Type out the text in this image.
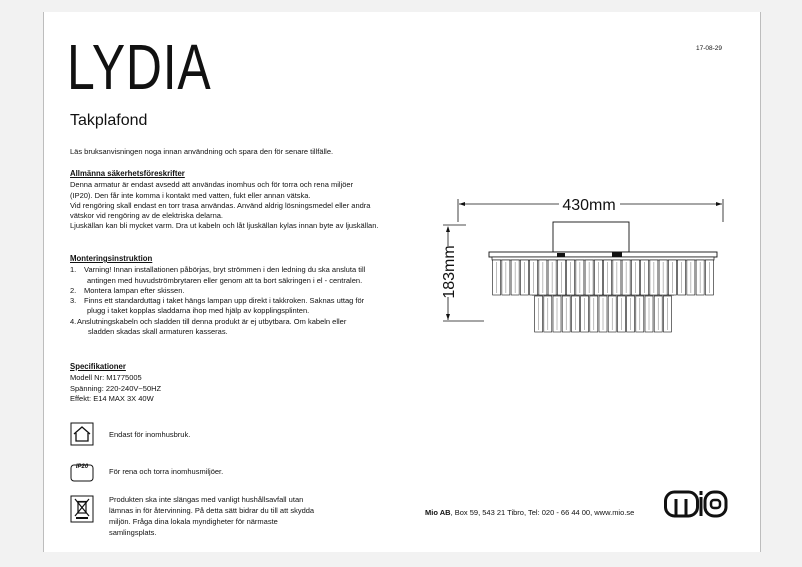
17-08-29
LYDIA
Takplafond
Läs bruksanvisningen noga innan användning och spara den för senare tillfälle.
Allmänna säkerhetsföreskrifter

Denna armatur är endast avsedd att användas inomhus och för torra och rena miljöer

(IP20). Den får inte komma i kontakt med vatten, fukt eller annan vätska.

Vid rengöring skall endast en torr trasa användas. Använd aldrig lösningsmedel eller andra

vätskor vid rengöring av de elektriska delarna.

Ljuskällan kan bli mycket varm. Dra ut kabeln och låt ljuskällan kylas innan byte av ljuskällan.

Monteringsinstruktion
1.	Varning! Innan installationen påbörjas, bryt strömmen i den ledning du ska ansluta till
antingen med huvudströmbrytaren eller genom att ta bort säkringen i el - centralen.
2.	Montera lampan efter skissen.
3.	Finns ett standarduttag i taket hängs lampan upp direkt i takkroken. Saknas uttag för
plugg i taket kopplas sladdarna ihop med hjälp av kopplingsplinten.
4. Anslutningskabeln och sladden till denna produkt är ej utbytbara. Om kabeln eller
sladden skadas skall armaturen kasseras.
Specifikationer

Modell Nr: M1775005

Spänning: 220-240V~50HZ

Effekt: E14 MAX 3X 40W

Endast för inomhusbruk.
IP20	För rena och torra inomhusmiljöer.
Produkten ska inte slängas med vanligt hushållsavfall utan
lämnas in för återvinning. På detta sätt bidrar du till att skydda
miljön. Fråga dina lokala myndigheter för närmaste
samlingsplats.
Mio AB, Box 59, 543 21 Tibro, Tel: 020 - 66 44 00, www.mio.se
430mm
183mm
